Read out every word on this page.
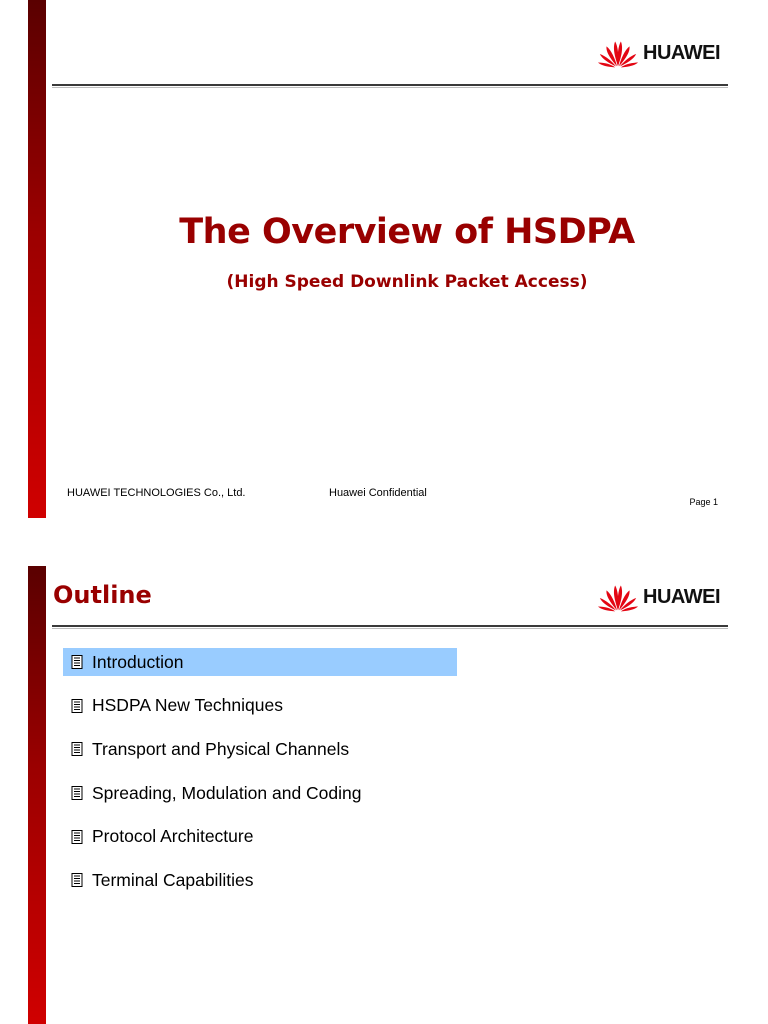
HUAWEI
The Overview of HSDPA
(High Speed Downlink Packet Access)
HUAWEI TECHNOLOGIES Co., Ltd.	Huawei Confidential
Page 1
Outline	HUAWEI
Introduction
HSDPA New Techniques
Transport and Physical Channels
Spreading, Modulation and Coding
Protocol Architecture
Terminal Capabilities
